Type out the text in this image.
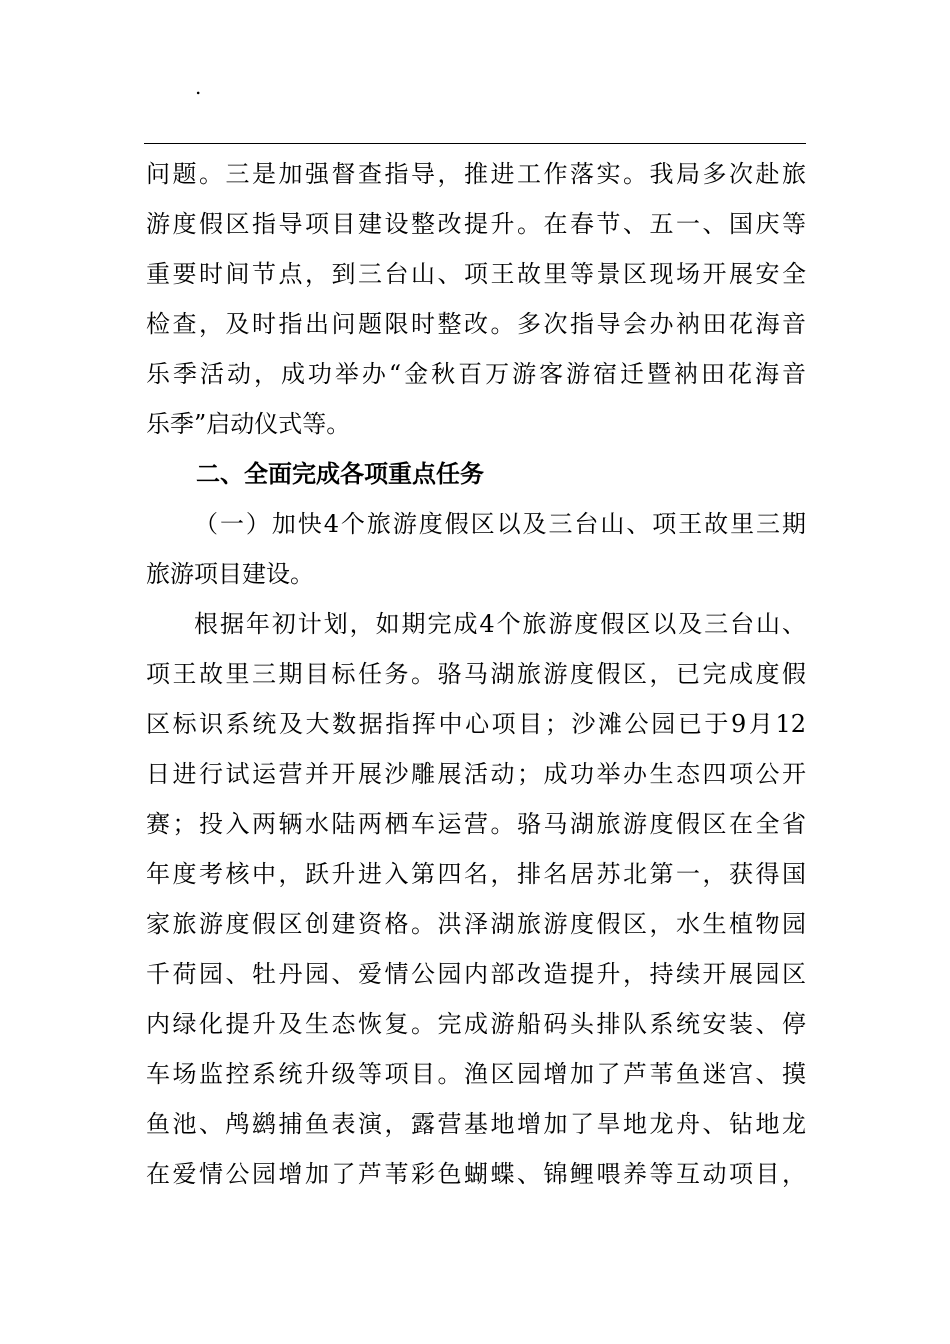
.
问题。三是加强督查指导，推进工作落实。我局多次赴旅
游度假区指导项目建设整改提升。在春节、五一、国庆等
重要时间节点，到三台山、项王故里等景区现场开展安全
检查，及时指出问题限时整改。多次指导会办衲田花海音
乐季活动，成功举办“金秋百万游客游宿迁暨衲田花海音
乐季”启动仪式等。
二、全面完成各项重点任务
（一）加快4个旅游度假区以及三台山、项王故里三期
旅游项目建设。
根据年初计划，如期完成4个旅游度假区以及三台山、
项王故里三期目标任务。骆马湖旅游度假区，已完成度假
区标识系统及大数据指挥中心项目；沙滩公园已于9月12
日进行试运营并开展沙雕展活动；成功举办生态四项公开
赛；投入两辆水陆两栖车运营。骆马湖旅游度假区在全省
年度考核中，跃升进入第四名，排名居苏北第一，获得国
家旅游度假区创建资格。洪泽湖旅游度假区，水生植物园
千荷园、牡丹园、爱情公园内部改造提升，持续开展园区
内绿化提升及生态恢复。完成游船码头排队系统安装、停
车场监控系统升级等项目。渔区园增加了芦苇鱼迷宫、摸
鱼池、鸬鹚捕鱼表演，露营基地增加了旱地龙舟、钻地龙
在爱情公园增加了芦苇彩色蝴蝶、锦鲤喂养等互动项目，
